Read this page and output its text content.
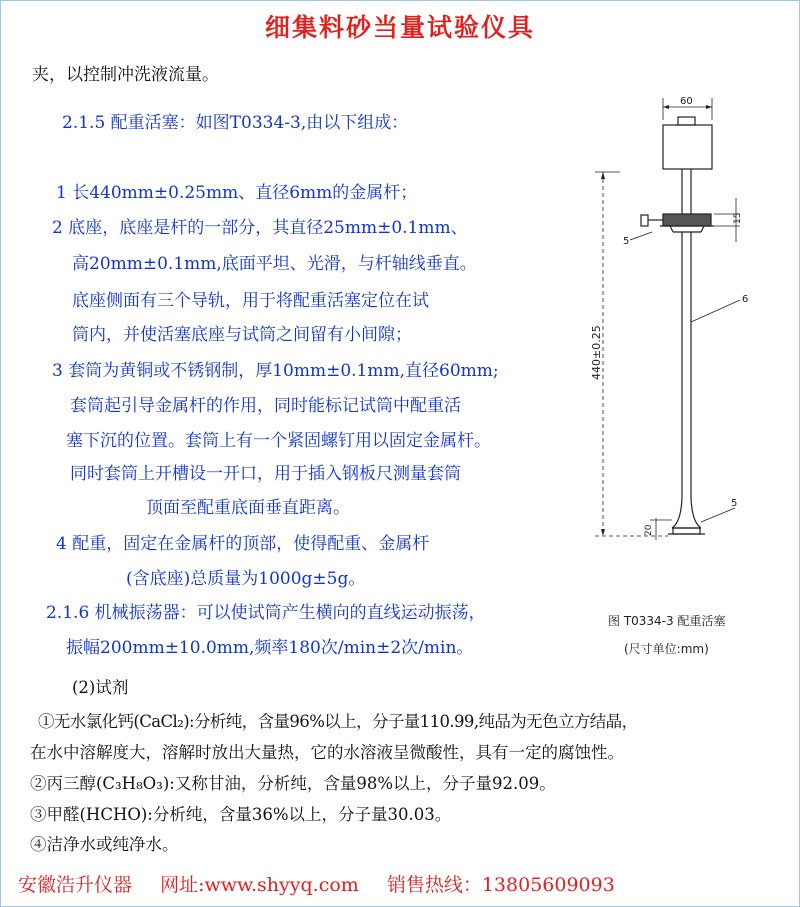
细集料砂当量试验仪具
夹，以控制冲洗液流量。
2.1.5 配重活塞：如图T0334-3,由以下组成：
1 长440mm±0.25mm、直径6mm的金属杆；
2 底座，底座是杆的一部分，其直径25mm±0.1mm、
高20mm±0.1mm,底面平坦、光滑，与杆轴线垂直。
底座侧面有三个导轨，用于将配重活塞定位在试
筒内，并使活塞底座与试筒之间留有小间隙；
3 套筒为黄铜或不锈钢制，厚10mm±0.1mm,直径60mm;
套筒起引导金属杆的作用，同时能标记试筒中配重活
塞下沉的位置。套筒上有一个紧固螺钉用以固定金属杆。
同时套筒上开槽设一开口，用于插入钢板尺测量套筒
顶面至配重底面垂直距离。
4 配重，固定在金属杆的顶部，使得配重、金属杆
(含底座)总质量为1000g±5g。
2.1.6 机械振荡器：可以使试筒产生横向的直线运动振荡，
振幅200mm±10.0mm,频率180次/min±2次/min。
(2)试剂
①无水氯化钙(CaCl₂):分析纯，含量96%以上，分子量110.99,纯品为无色立方结晶，
在水中溶解度大，溶解时放出大量热，它的水溶液呈微酸性，具有一定的腐蚀性。
②丙三醇(C₃H₈O₃):又称甘油，分析纯，含量98%以上，分子量92.09。
③甲醛(HCHO):分析纯，含量36%以上，分子量30.03。
④洁净水或纯净水。
60
440±0.25
15
20
5
6
5
图 T0334-3 配重活塞
(尺寸单位:mm)
安徽浩升仪器 网址:www.shyyq.com 销售热线：13805609093
